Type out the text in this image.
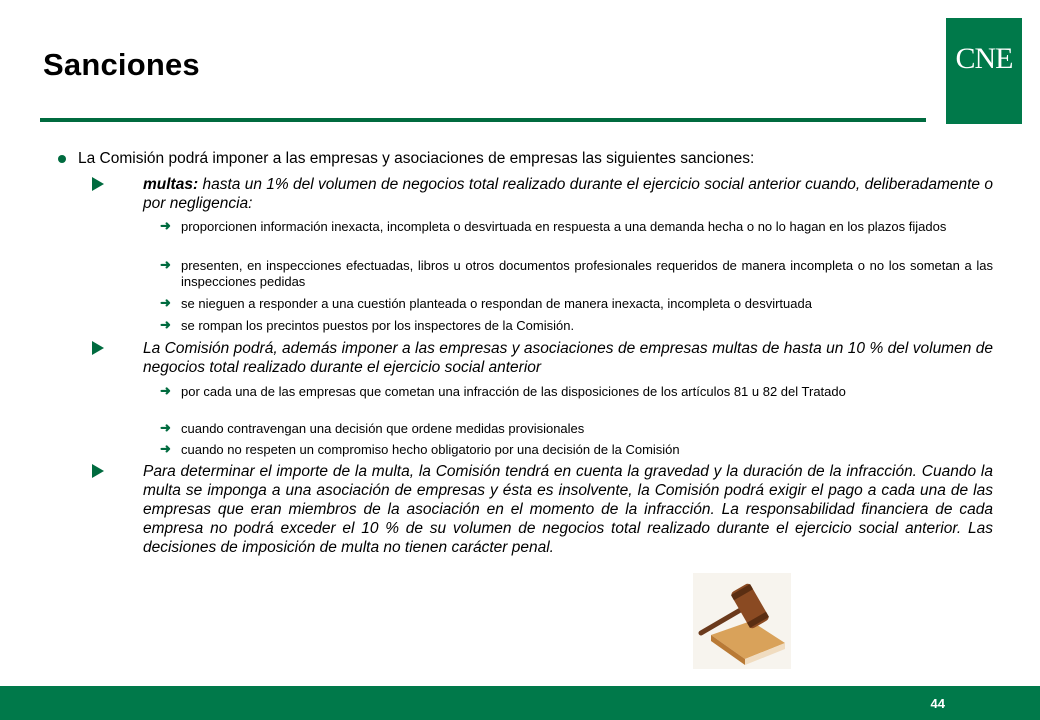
Sanciones	CNE
La Comisión podrá imponer a las empresas y asociaciones de empresas las siguientes sanciones:
multas: hasta un 1% del volumen de negocios total realizado durante el ejercicio social anterior cuando, deliberadamente o por negligencia:
➜ proporcionen información inexacta, incompleta o desvirtuada en respuesta a una demanda hecha o no lo hagan en los plazos fijados
➜ presenten, en inspecciones efectuadas, libros u otros documentos profesionales requeridos de manera incompleta o no los sometan a las inspecciones pedidas
➜ se nieguen a responder a una cuestión planteada o respondan de manera inexacta, incompleta o desvirtuada
➜ se rompan los precintos puestos por los inspectores de la Comisión.
La Comisión podrá, además imponer a las empresas y asociaciones de empresas multas de hasta un 10 % del volumen de negocios total realizado durante el ejercicio social anterior
➜ por cada una de las empresas que cometan una infracción de las disposiciones de los artículos 81 u 82 del Tratado
➜ cuando contravengan una decisión que ordene medidas provisionales
➜ cuando no respeten un compromiso hecho obligatorio por una decisión de la Comisión
Para determinar el importe de la multa, la Comisión tendrá en cuenta la gravedad y la duración de la infracción. Cuando la multa se imponga a una asociación de empresas y ésta es insolvente, la Comisión podrá exigir el pago a cada una de las empresas que eran miembros de la asociación en el momento de la infracción. La responsabilidad financiera de cada empresa no podrá exceder el 10 % de su volumen de negocios total realizado durante el ejercicio social anterior. Las decisiones de imposición de multa no tienen carácter penal.
44
